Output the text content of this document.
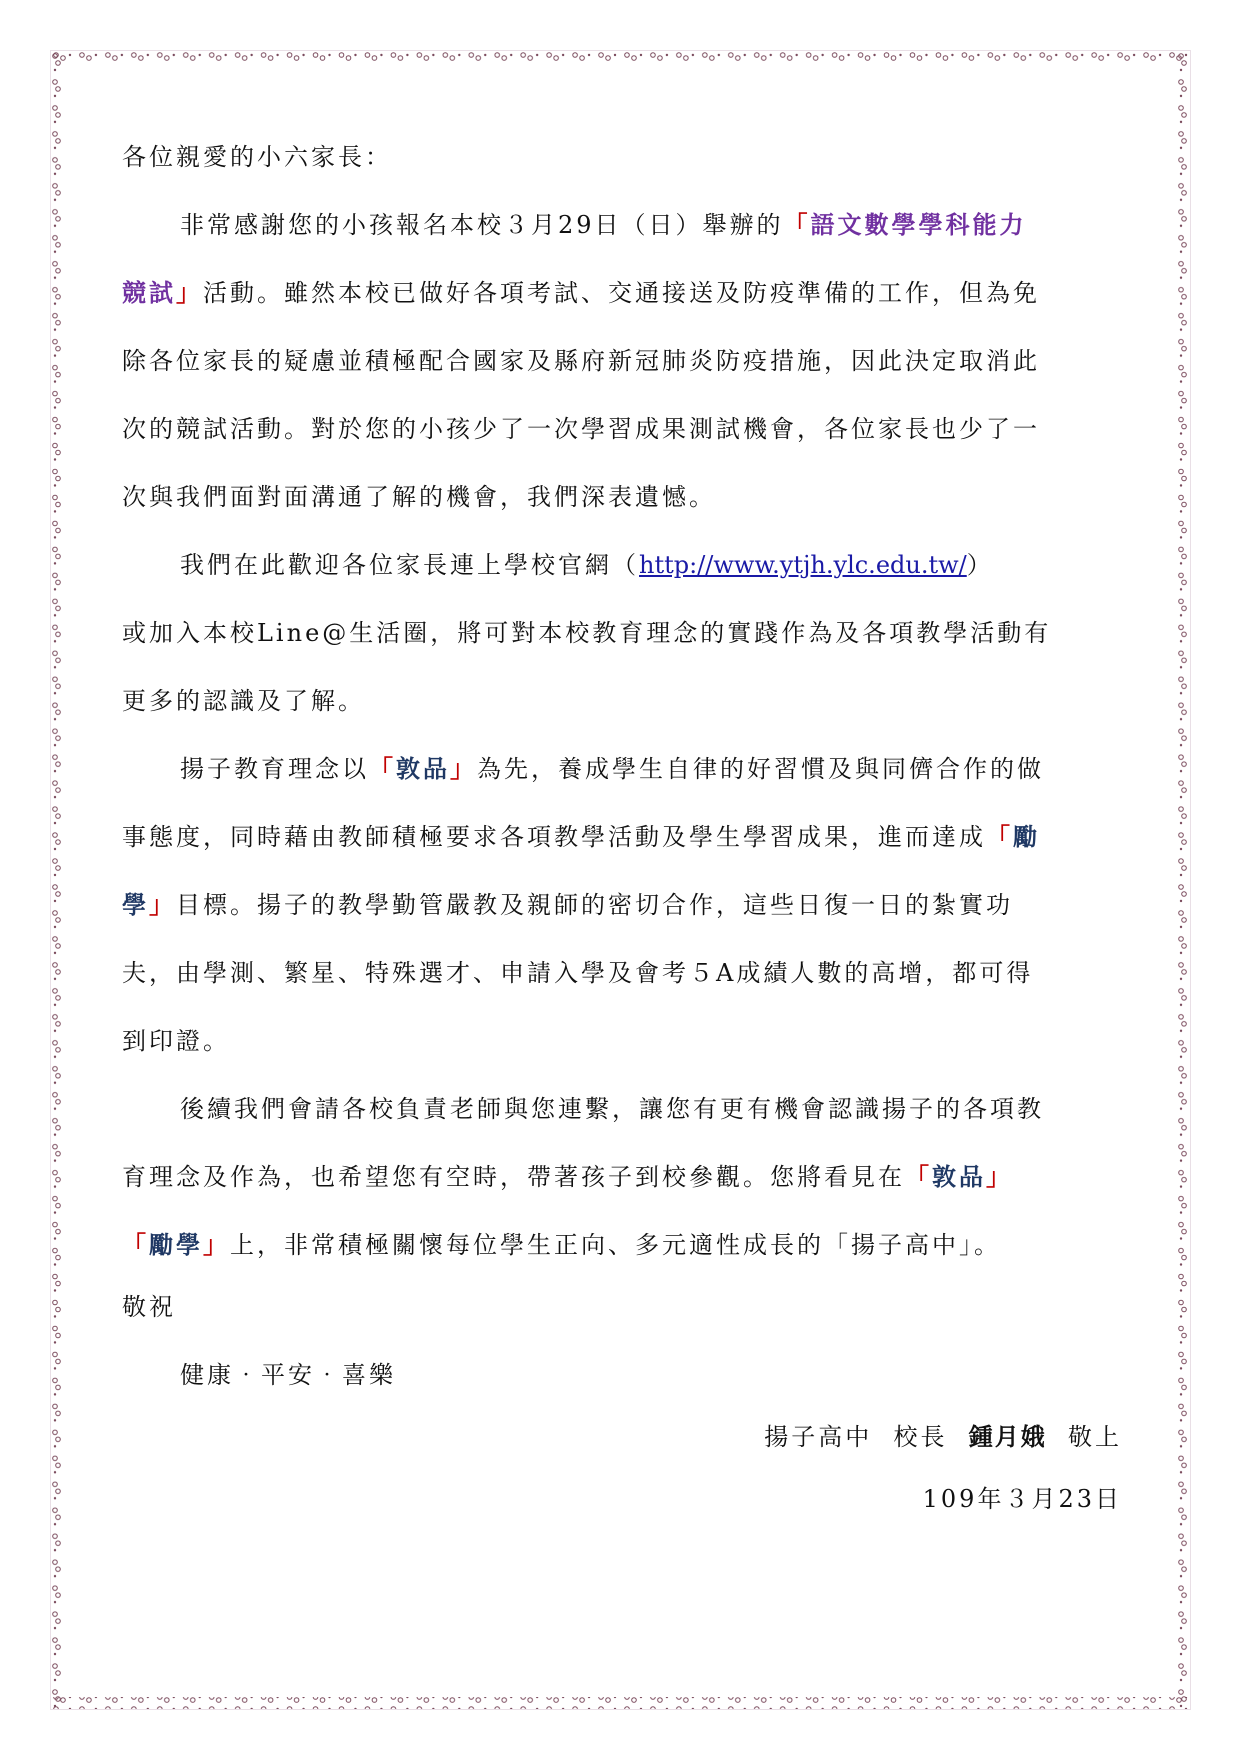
各位親愛的小六家長：
非常感謝您的小孩報名本校３月29日（日）舉辦的「語文數學學科能力
競試」活動。雖然本校已做好各項考試、交通接送及防疫準備的工作，但為免
除各位家長的疑慮並積極配合國家及縣府新冠肺炎防疫措施，因此決定取消此
次的競試活動。對於您的小孩少了一次學習成果測試機會，各位家長也少了一
次與我們面對面溝通了解的機會，我們深表遺憾。
我們在此歡迎各位家長連上學校官網（http://www.ytjh.ylc.edu.tw/）
或加入本校Line@生活圈，將可對本校教育理念的實踐作為及各項教學活動有
更多的認識及了解。
揚子教育理念以「敦品」為先，養成學生自律的好習慣及與同儕合作的做
事態度，同時藉由教師積極要求各項教學活動及學生學習成果，進而達成「勵
學」目標。揚子的教學勤管嚴教及親師的密切合作，這些日復一日的紮實功
夫，由學測、繁星、特殊選才、申請入學及會考５A成績人數的高增，都可得
到印證。
後續我們會請各校負責老師與您連繫，讓您有更有機會認識揚子的各項教
育理念及作為，也希望您有空時，帶著孩子到校參觀。您將看見在「敦品」
「勵學」上，非常積極關懷每位學生正向、多元適性成長的「揚子高中」。
敬祝
健康‧平安‧喜樂
揚子高中 校長 鍾月娥 敬上
109年３月23日
